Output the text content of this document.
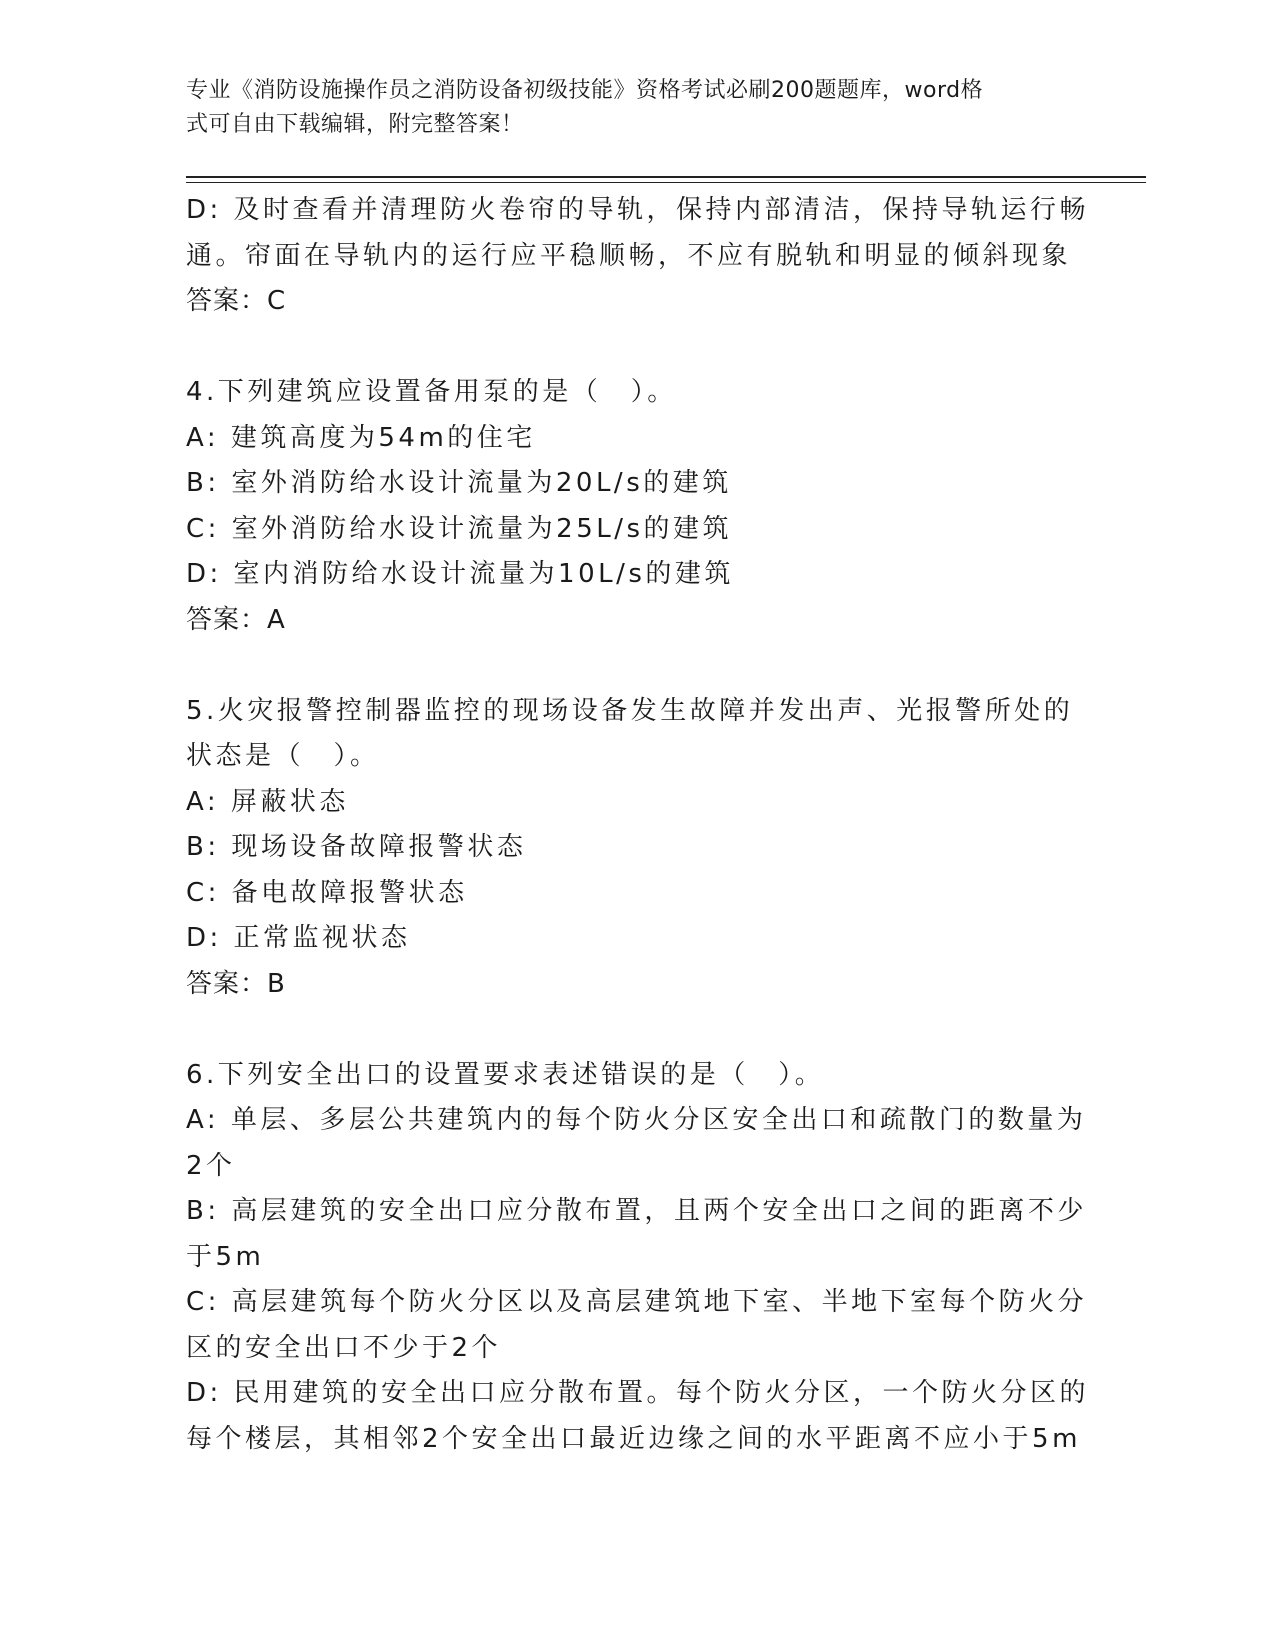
专业《消防设施操作员之消防设备初级技能》资格考试必刷200题题库，word格
式可自由下载编辑，附完整答案！
D: 及时查看并清理防火卷帘的导轨，保持内部清洁，保持导轨运行畅
通。帘面在导轨内的运行应平稳顺畅，不应有脱轨和明显的倾斜现象
答案：C
4.下列建筑应设置备用泵的是（　）。
A: 建筑高度为54m的住宅
B: 室外消防给水设计流量为20L/s的建筑
C: 室外消防给水设计流量为25L/s的建筑
D: 室内消防给水设计流量为10L/s的建筑
答案：A
5.火灾报警控制器监控的现场设备发生故障并发出声、光报警所处的
状态是（　）。
A: 屏蔽状态
B: 现场设备故障报警状态
C: 备电故障报警状态
D: 正常监视状态
答案：B
6.下列安全出口的设置要求表述错误的是（　）。
A: 单层、多层公共建筑内的每个防火分区安全出口和疏散门的数量为
2个
B: 高层建筑的安全出口应分散布置，且两个安全出口之间的距离不少
于5m
C: 高层建筑每个防火分区以及高层建筑地下室、半地下室每个防火分
区的安全出口不少于2个
D: 民用建筑的安全出口应分散布置。每个防火分区，一个防火分区的
每个楼层，其相邻2个安全出口最近边缘之间的水平距离不应小于5m
